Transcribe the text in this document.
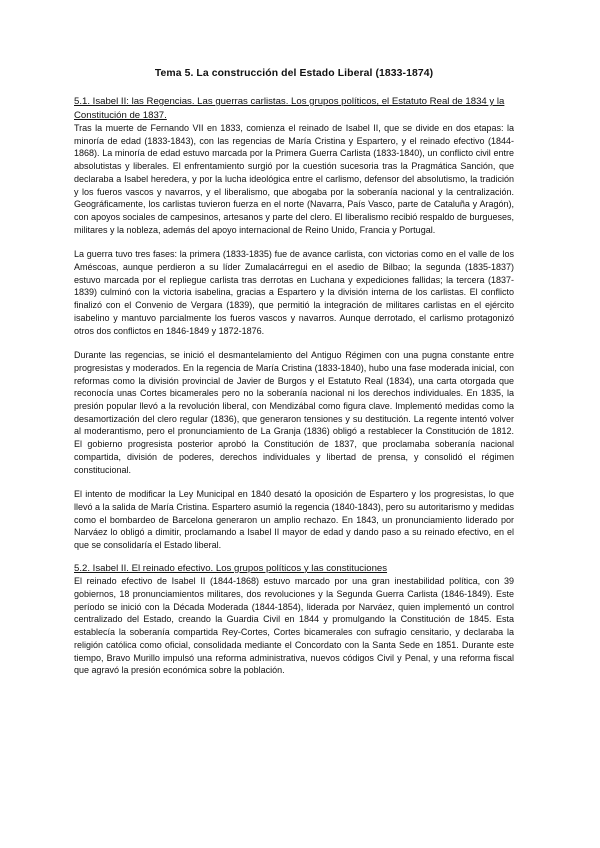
Tema 5. La construcción del Estado Liberal (1833-1874)

5.1. Isabel II: las Regencias. Las guerras carlistas. Los grupos políticos, el Estatuto Real de 1834 y la Constitución de 1837.

Tras la muerte de Fernando VII en 1833, comienza el reinado de Isabel II, que se divide en dos etapas: la minoría de edad (1833-1843), con las regencias de María Cristina y Espartero, y el reinado efectivo (1844-1868). La minoría de edad estuvo marcada por la Primera Guerra Carlista (1833-1840), un conflicto civil entre absolutistas y liberales. El enfrentamiento surgió por la cuestión sucesoria tras la Pragmática Sanción, que declaraba a Isabel heredera, y por la lucha ideológica entre el carlismo, defensor del absolutismo, la tradición y los fueros vascos y navarros, y el liberalismo, que abogaba por la soberanía nacional y la centralización. Geográficamente, los carlistas tuvieron fuerza en el norte (Navarra, País Vasco, parte de Cataluña y Aragón), con apoyos sociales de campesinos, artesanos y parte del clero. El liberalismo recibió respaldo de burgueses, militares y la nobleza, además del apoyo internacional de Reino Unido, Francia y Portugal.

La guerra tuvo tres fases: la primera (1833-1835) fue de avance carlista, con victorias como en el valle de los Améscoas, aunque perdieron a su líder Zumalacárregui en el asedio de Bilbao; la segunda (1835-1837) estuvo marcada por el repliegue carlista tras derrotas en Luchana y expediciones fallidas; la tercera (1837-1839) culminó con la victoria isabelina, gracias a Espartero y la división interna de los carlistas. El conflicto finalizó con el Convenio de Vergara (1839), que permitió la integración de militares carlistas en el ejército isabelino y mantuvo parcialmente los fueros vascos y navarros. Aunque derrotado, el carlismo protagonizó otros dos conflictos en 1846-1849 y 1872-1876.

Durante las regencias, se inició el desmantelamiento del Antiguo Régimen con una pugna constante entre progresistas y moderados. En la regencia de María Cristina (1833-1840), hubo una fase moderada inicial, con reformas como la división provincial de Javier de Burgos y el Estatuto Real (1834), una carta otorgada que reconocía unas Cortes bicamerales pero no la soberanía nacional ni los derechos individuales. En 1835, la presión popular llevó a la revolución liberal, con Mendizábal como figura clave. Implementó medidas como la desamortización del clero regular (1836), que generaron tensiones y su destitución. La regente intentó volver al moderantismo, pero el pronunciamiento de La Granja (1836) obligó a restablecer la Constitución de 1812. El gobierno progresista posterior aprobó la Constitución de 1837, que proclamaba soberanía nacional compartida, división de poderes, derechos individuales y libertad de prensa, y consolidó el régimen constitucional.

El intento de modificar la Ley Municipal en 1840 desató la oposición de Espartero y los progresistas, lo que llevó a la salida de María Cristina. Espartero asumió la regencia (1840-1843), pero su autoritarismo y medidas como el bombardeo de Barcelona generaron un amplio rechazo. En 1843, un pronunciamiento liderado por Narváez lo obligó a dimitir, proclamando a Isabel II mayor de edad y dando paso a su reinado efectivo, en el que se consolidaría el Estado liberal.

5.2. Isabel II. El reinado efectivo. Los grupos políticos y las constituciones

El reinado efectivo de Isabel II (1844-1868) estuvo marcado por una gran inestabilidad política, con 39 gobiernos, 18 pronunciamientos militares, dos revoluciones y la Segunda Guerra Carlista (1846-1849). Este período se inició con la Década Moderada (1844-1854), liderada por Narváez, quien implementó un control centralizado del Estado, creando la Guardia Civil en 1844 y promulgando la Constitución de 1845. Esta establecía la soberanía compartida Rey-Cortes, Cortes bicamerales con sufragio censitario, y declaraba la religión católica como oficial, consolidada mediante el Concordato con la Santa Sede en 1851. Durante este tiempo, Bravo Murillo impulsó una reforma administrativa, nuevos códigos Civil y Penal, y una reforma fiscal que agravó la presión económica sobre la población.
